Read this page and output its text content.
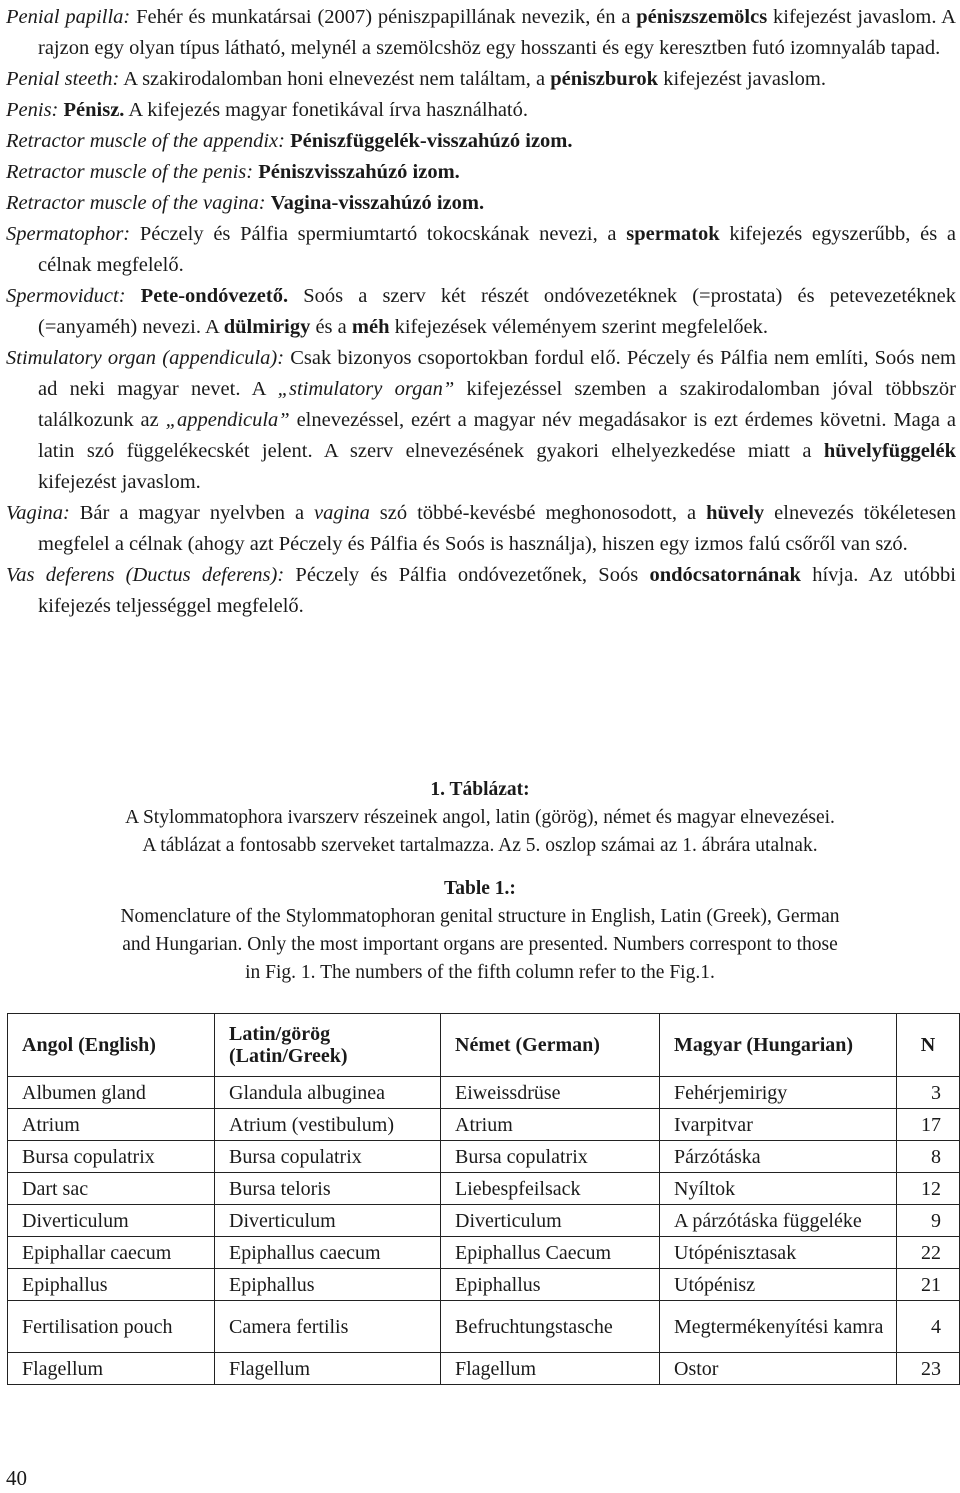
Penial papilla: Fehér és munkatársai (2007) péniszpapillának nevezik, én a péniszszemölcs kifejezést javaslom. A rajzon egy olyan típus látható, melynél a szemölcshöz egy hosszanti és egy keresztben futó izomnyaláb tapad.
Penial steeth: A szakirodalomban honi elnevezést nem találtam, a péniszburok kifejezést javaslom.
Penis: Pénisz. A kifejezés magyar fonetikával írva használható.
Retractor muscle of the appendix: Péniszfüggelék-visszahúzó izom.
Retractor muscle of the penis: Péniszvisszahúzó izom.
Retractor muscle of the vagina: Vagina-visszahúzó izom.
Spermatophor: Péczely és Pálfia spermiumtartó tokocskának nevezi, a spermatok kifejezés egyszerűbb, és a célnak megfelelő.
Spermoviduct: Pete-ondóvezető. Soós a szerv két részét ondóvezetéknek (=prostata) és petevezetéknek (=anyaméh) nevezi. A dülmirigy és a méh kifejezések véleményem szerint megfelelőek.
Stimulatory organ (appendicula): Csak bizonyos csoportokban fordul elő. Péczely és Pálfia nem említi, Soós nem ad neki magyar nevet. A „stimulatory organ” kifejezéssel szemben a szakirodalomban jóval többször találkozunk az „appendicula” elnevezéssel, ezért a magyar név megadásakor is ezt érdemes követni. Maga a latin szó függelékecskét jelent. A szerv elnevezésének gyakori elhelyezkedése miatt a hüvelyfüggelék kifejezést javaslom.
Vagina: Bár a magyar nyelvben a vagina szó többé-kevésbé meghonosodott, a hüvely elnevezés tökéletesen megfelel a célnak (ahogy azt Péczely és Pálfia és Soós is használja), hiszen egy izmos falú csőről van szó.
Vas deferens (Ductus deferens): Péczely és Pálfia ondóvezetőnek, Soós ondócsatornának hívja. Az utóbbi kifejezés teljességgel megfelelő.
1. Táblázat:
A Stylommatophora ivarszerv részeinek angol, latin (görög), német és magyar elnevezései.
A táblázat a fontosabb szerveket tartalmazza. Az 5. oszlop számai az 1. ábrára utalnak.
Table 1.:
Nomenclature of the Stylommatophoran genital structure in English, Latin (Greek), German
and Hungarian. Only the most important organs are presented. Numbers correspont to those
in Fig. 1. The numbers of the fifth column refer to the Fig.1.
Angol (English)	Latin/görög (Latin/Greek)	Német (German)	Magyar (Hungarian)	N
Albumen gland	Glandula albuginea	Eiweissdrüse	Fehérjemirigy	3
Atrium	Atrium (vestibulum)	Atrium	Ivarpitvar	17
Bursa copulatrix	Bursa copulatrix	Bursa copulatrix	Párzótáska	8
Dart sac	Bursa teloris	Liebespfeilsack	Nyíltok	12
Diverticulum	Diverticulum	Diverticulum	A párzótáska függeléke	9
Epiphallar caecum	Epiphallus caecum	Epiphallus Caecum	Utópénisztasak	22
Epiphallus	Epiphallus	Epiphallus	Utópénisz	21
Fertilisation pouch	Camera fertilis	Befruchtungstasche	Megtermékenyítési kamra	4
Flagellum	Flagellum	Flagellum	Ostor	23
40
